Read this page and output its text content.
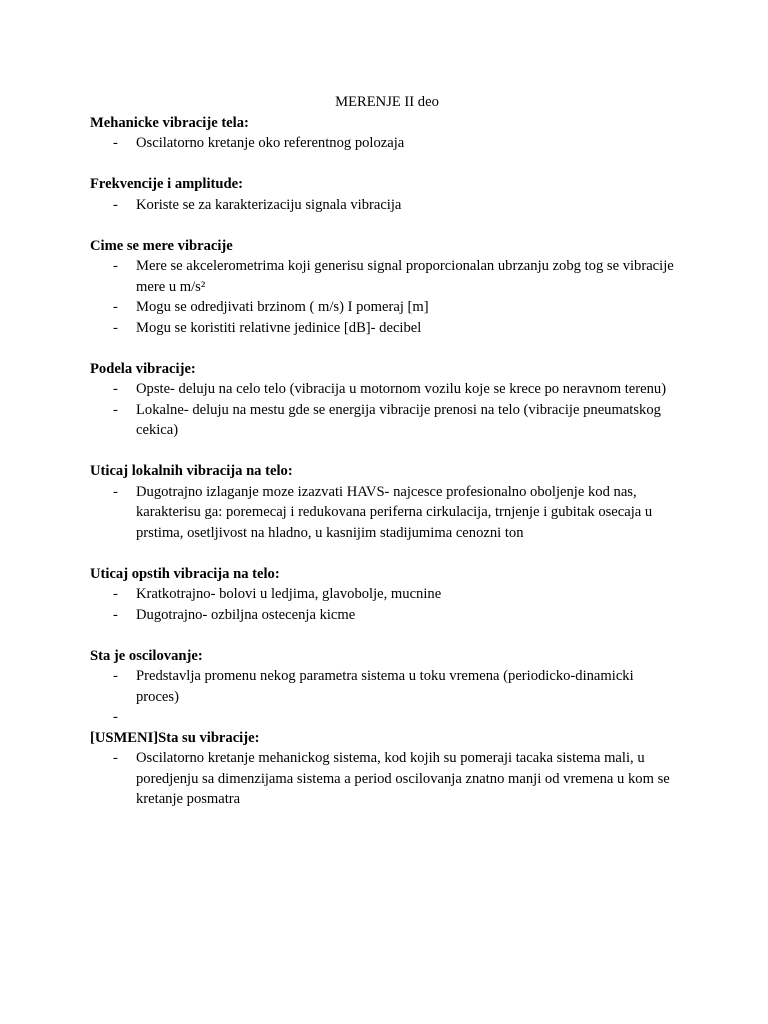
MERENJE II deo

Mehanicke vibracije tela:

- Oscilatorno kretanje oko referentnog polozaja

Frekvencije i amplitude:

- Koriste se za karakterizaciju signala vibracija

Cime se mere vibracije

- Mere se akcelerometrima koji generisu signal proporcionalan ubrzanju zobg tog se vibracije mere u m/s²
- Mogu se odredjivati brzinom ( m/s) I pomeraj [m]
- Mogu se koristiti relativne jedinice [dB]- decibel

Podela vibracije:

- Opste- deluju na celo telo (vibracija u motornom vozilu koje se krece po neravnom terenu)
- Lokalne- deluju na mestu gde se energija vibracije prenosi na telo (vibracije pneumatskog cekica)

Uticaj lokalnih vibracija na telo:

- Dugotrajno izlaganje moze izazvati HAVS- najcesce profesionalno oboljenje kod nas, karakterisu ga: poremecaj i redukovana periferna cirkulacija, trnjenje i gubitak osecaja u prstima, osetljivost na hladno, u kasnijim stadijumima cenozni ton

Uticaj opstih vibracija na telo:

- Kratkotrajno- bolovi u ledjima, glavobolje, mucnine
- Dugotrajno- ozbiljna ostecenja kicme

Sta je oscilovanje:

- Predstavlja promenu nekog parametra sistema u toku vremena (periodicko-dinamicki proces)
-

[USMENI]Sta su vibracije:

- Oscilatorno kretanje mehanickog sistema, kod kojih su pomeraji tacaka sistema mali, u poredjenju sa dimenzijama sistema a period oscilovanja znatno manji od vremena u kom se kretanje posmatra
